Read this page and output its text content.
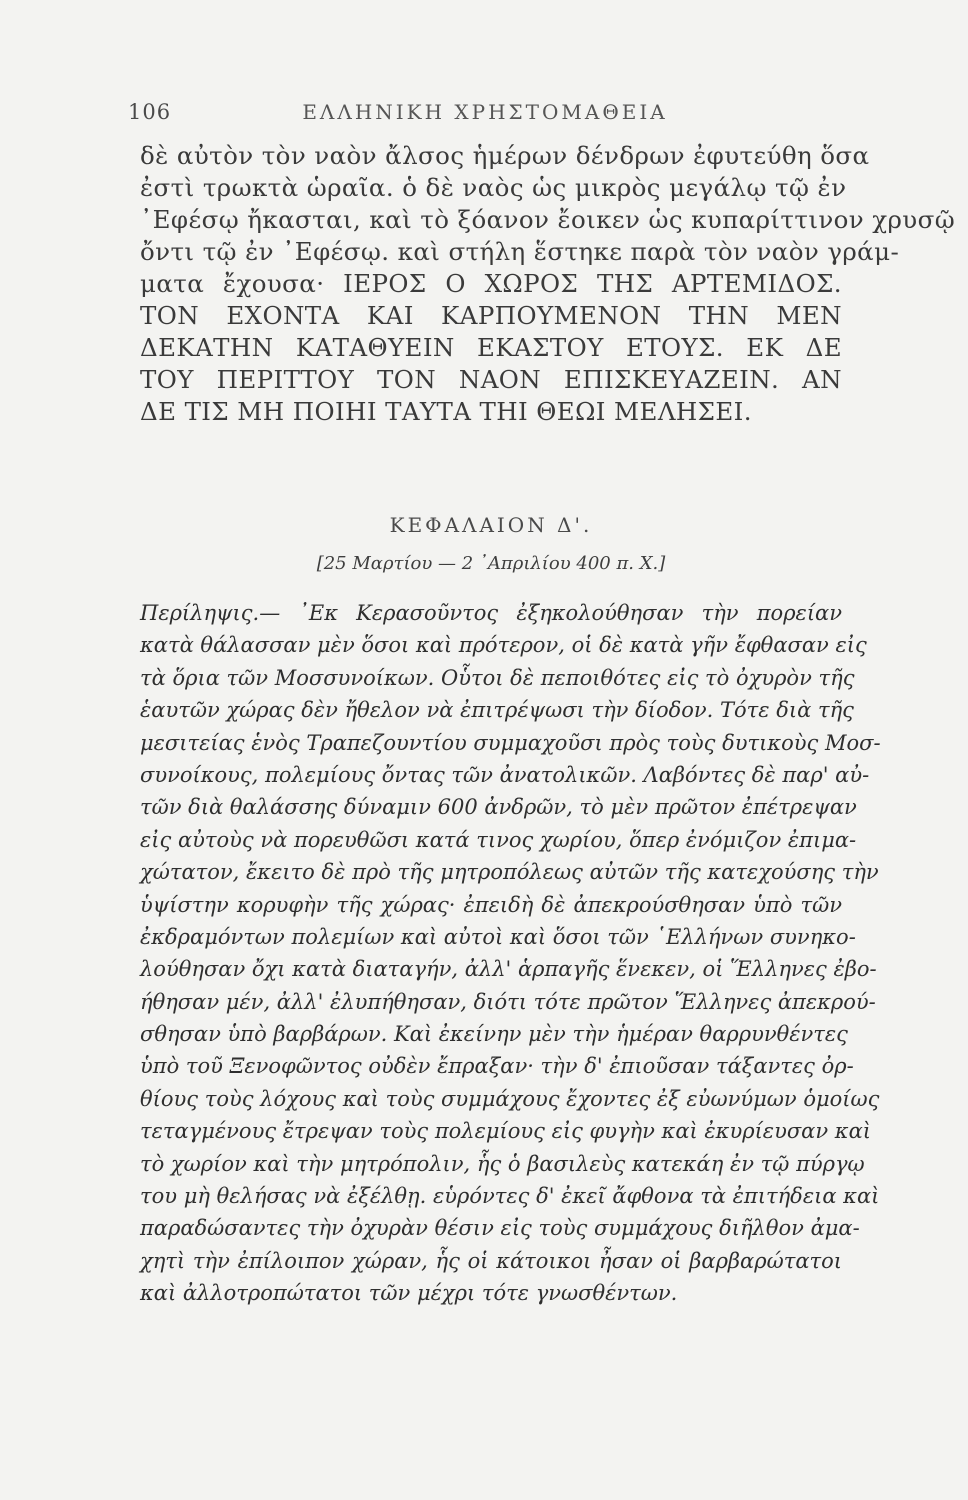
106	ΕΛΛΗΝΙΚΗ ΧΡΗΣΤΟΜΑΘΕΙΑ
δὲ αὐτὸν τὸν ναὸν ἄλσος ἡμέρων δένδρων ἐφυτεύθη ὅσα
ἐστὶ τρωκτὰ ὡραῖα. ὁ δὲ ναὸς ὡς μικρὸς μεγάλῳ τῷ ἐν
᾿Εφέσῳ ἤκασται, καὶ τὸ ξόανον ἔοικεν ὡς κυπαρίττινον χρυσῷ
ὄντι τῷ ἐν ᾿Εφέσῳ. καὶ στήλη ἕστηκε παρὰ τὸν ναὸν γράμ-
ματα ἔχουσα· ΙΕΡΟΣ Ο ΧΩΡΟΣ ΤΗΣ ΑΡΤΕΜΙΔΟΣ.
ΤΟΝ ΕΧΟΝΤΑ ΚΑΙ ΚΑΡΠΟΥΜΕΝΟΝ ΤΗΝ ΜΕΝ
ΔΕΚΑΤΗΝ ΚΑΤΑΘΥΕΙΝ ΕΚΑΣΤΟΥ ΕΤΟΥΣ. ΕΚ ΔΕ
ΤΟΥ ΠΕΡΙΤΤΟΥ ΤΟΝ ΝΑΟΝ ΕΠΙΣΚΕΥΑΖΕΙΝ. ΑΝ
ΔΕ ΤΙΣ ΜΗ ΠΟΙΗΙ ΤΑΥΤΑ ΤΗΙ ΘΕΩΙ ΜΕΛΗΣΕΙ.
ΚΕΦΑΛΑΙΟΝ Δ'.
[25 Μαρτίου — 2 ᾿Απριλίου 400 π. Χ.]
Περίληψις.— ᾿Εκ Κερασοῦντος ἐξηκολούθησαν τὴν πορείαν
κατὰ θάλασσαν μὲν ὅσοι καὶ πρότερον, οἱ δὲ κατὰ γῆν ἔφθασαν εἰς
τὰ ὅρια τῶν Μοσσυνοίκων. Οὗτοι δὲ πεποιθότες εἰς τὸ ὀχυρὸν τῆς
ἑαυτῶν χώρας δὲν ἤθελον νὰ ἐπιτρέψωσι τὴν δίοδον. Τότε διὰ τῆς
μεσιτείας ἑνὸς Τραπεζουντίου συμμαχοῦσι πρὸς τοὺς δυτικοὺς Μοσ-
συνοίκους, πολεμίους ὄντας τῶν ἀνατολικῶν. Λαβόντες δὲ παρ' αὐ-
τῶν διὰ θαλάσσης δύναμιν 600 ἀνδρῶν, τὸ μὲν πρῶτον ἐπέτρεψαν
εἰς αὐτοὺς νὰ πορευθῶσι κατά τινος χωρίου, ὅπερ ἐνόμιζον ἐπιμα-
χώτατον, ἔκειτο δὲ πρὸ τῆς μητροπόλεως αὐτῶν τῆς κατεχούσης τὴν
ὑψίστην κορυφὴν τῆς χώρας· ἐπειδὴ δὲ ἀπεκρούσθησαν ὑπὸ τῶν
ἐκδραμόντων πολεμίων καὶ αὐτοὶ καὶ ὅσοι τῶν ῾Ελλήνων συνηκο-
λούθησαν ὄχι κατὰ διαταγήν, ἀλλ' ἁρπαγῆς ἕνεκεν, οἱ Ἕλληνες ἐβο-
ήθησαν μέν, ἀλλ' ἐλυπήθησαν, διότι τότε πρῶτον Ἕλληνες ἀπεκρού-
σθησαν ὑπὸ βαρβάρων. Καὶ ἐκείνην μὲν τὴν ἡμέραν θαρρυνθέντες
ὑπὸ τοῦ Ξενοφῶντος οὐδὲν ἔπραξαν· τὴν δ' ἐπιοῦσαν τάξαντες ὀρ-
θίους τοὺς λόχους καὶ τοὺς συμμάχους ἔχοντες ἐξ εὐωνύμων ὁμοίως
τεταγμένους ἔτρεψαν τοὺς πολεμίους εἰς φυγὴν καὶ ἐκυρίευσαν καὶ
τὸ χωρίον καὶ τὴν μητρόπολιν, ἧς ὁ βασιλεὺς κατεκάη ἐν τῷ πύργῳ
του μὴ θελήσας νὰ ἐξέλθῃ. εὑρόντες δ' ἐκεῖ ἄφθονα τὰ ἐπιτήδεια καὶ
παραδώσαντες τὴν ὀχυρὰν θέσιν εἰς τοὺς συμμάχους διῆλθον ἀμα-
χητὶ τὴν ἐπίλοιπον χώραν, ἧς οἱ κάτοικοι ἦσαν οἱ βαρβαρώτατοι
καὶ ἀλλοτροπώτατοι τῶν μέχρι τότε γνωσθέντων.
